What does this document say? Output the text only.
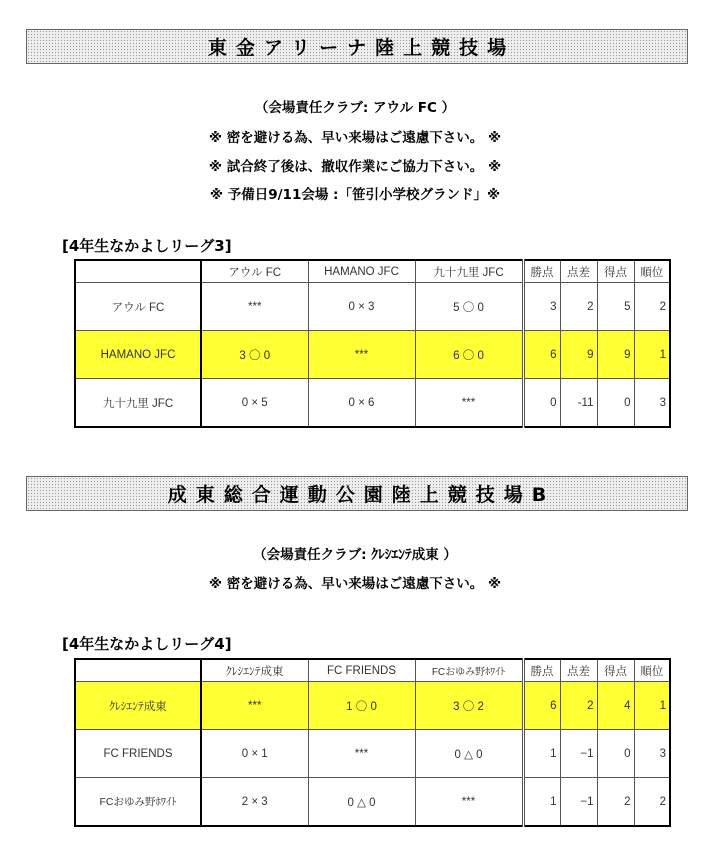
東金アリーナ陸上競技場
（会場責任クラブ: アウル FC ）
※ 密を避ける為、早い来場はご遠慮下さい。 ※
※ 試合終了後は、撤収作業にご協力下さい。 ※
※ 予備日9/11会場 :「笹引小学校グランド」※
[4年生なかよしリーグ3]
	アウル FC	HAMANO JFC	九十九里 JFC	勝点	点差	得点	順位
アウル FC	***	0 × 3	5 〇 0	3	2	5	2
HAMANO JFC	3 〇 0	***	6 〇 0	6	9	9	1
九十九里 JFC	0 × 5	0 × 6	***	0	-11	0	3
成東総合運動公園陸上競技場B
（会場責任クラブ: ｸﾚｼｴﾝﾃ成東 ）
※ 密を避ける為、早い来場はご遠慮下さい。 ※
[4年生なかよしリーグ4]
	ｸﾚｼｴﾝﾃ成東	FC FRIENDS	FCおゆみ野ﾎﾜｲﾄ	勝点	点差	得点	順位
ｸﾚｼｴﾝﾃ成東	***	1 〇 0	3 〇 2	6	2	4	1
FC FRIENDS	0 × 1	***	0 △ 0	1	−1	0	3
FCおゆみ野ﾎﾜｲﾄ	2 × 3	0 △ 0	***	1	−1	2	2
